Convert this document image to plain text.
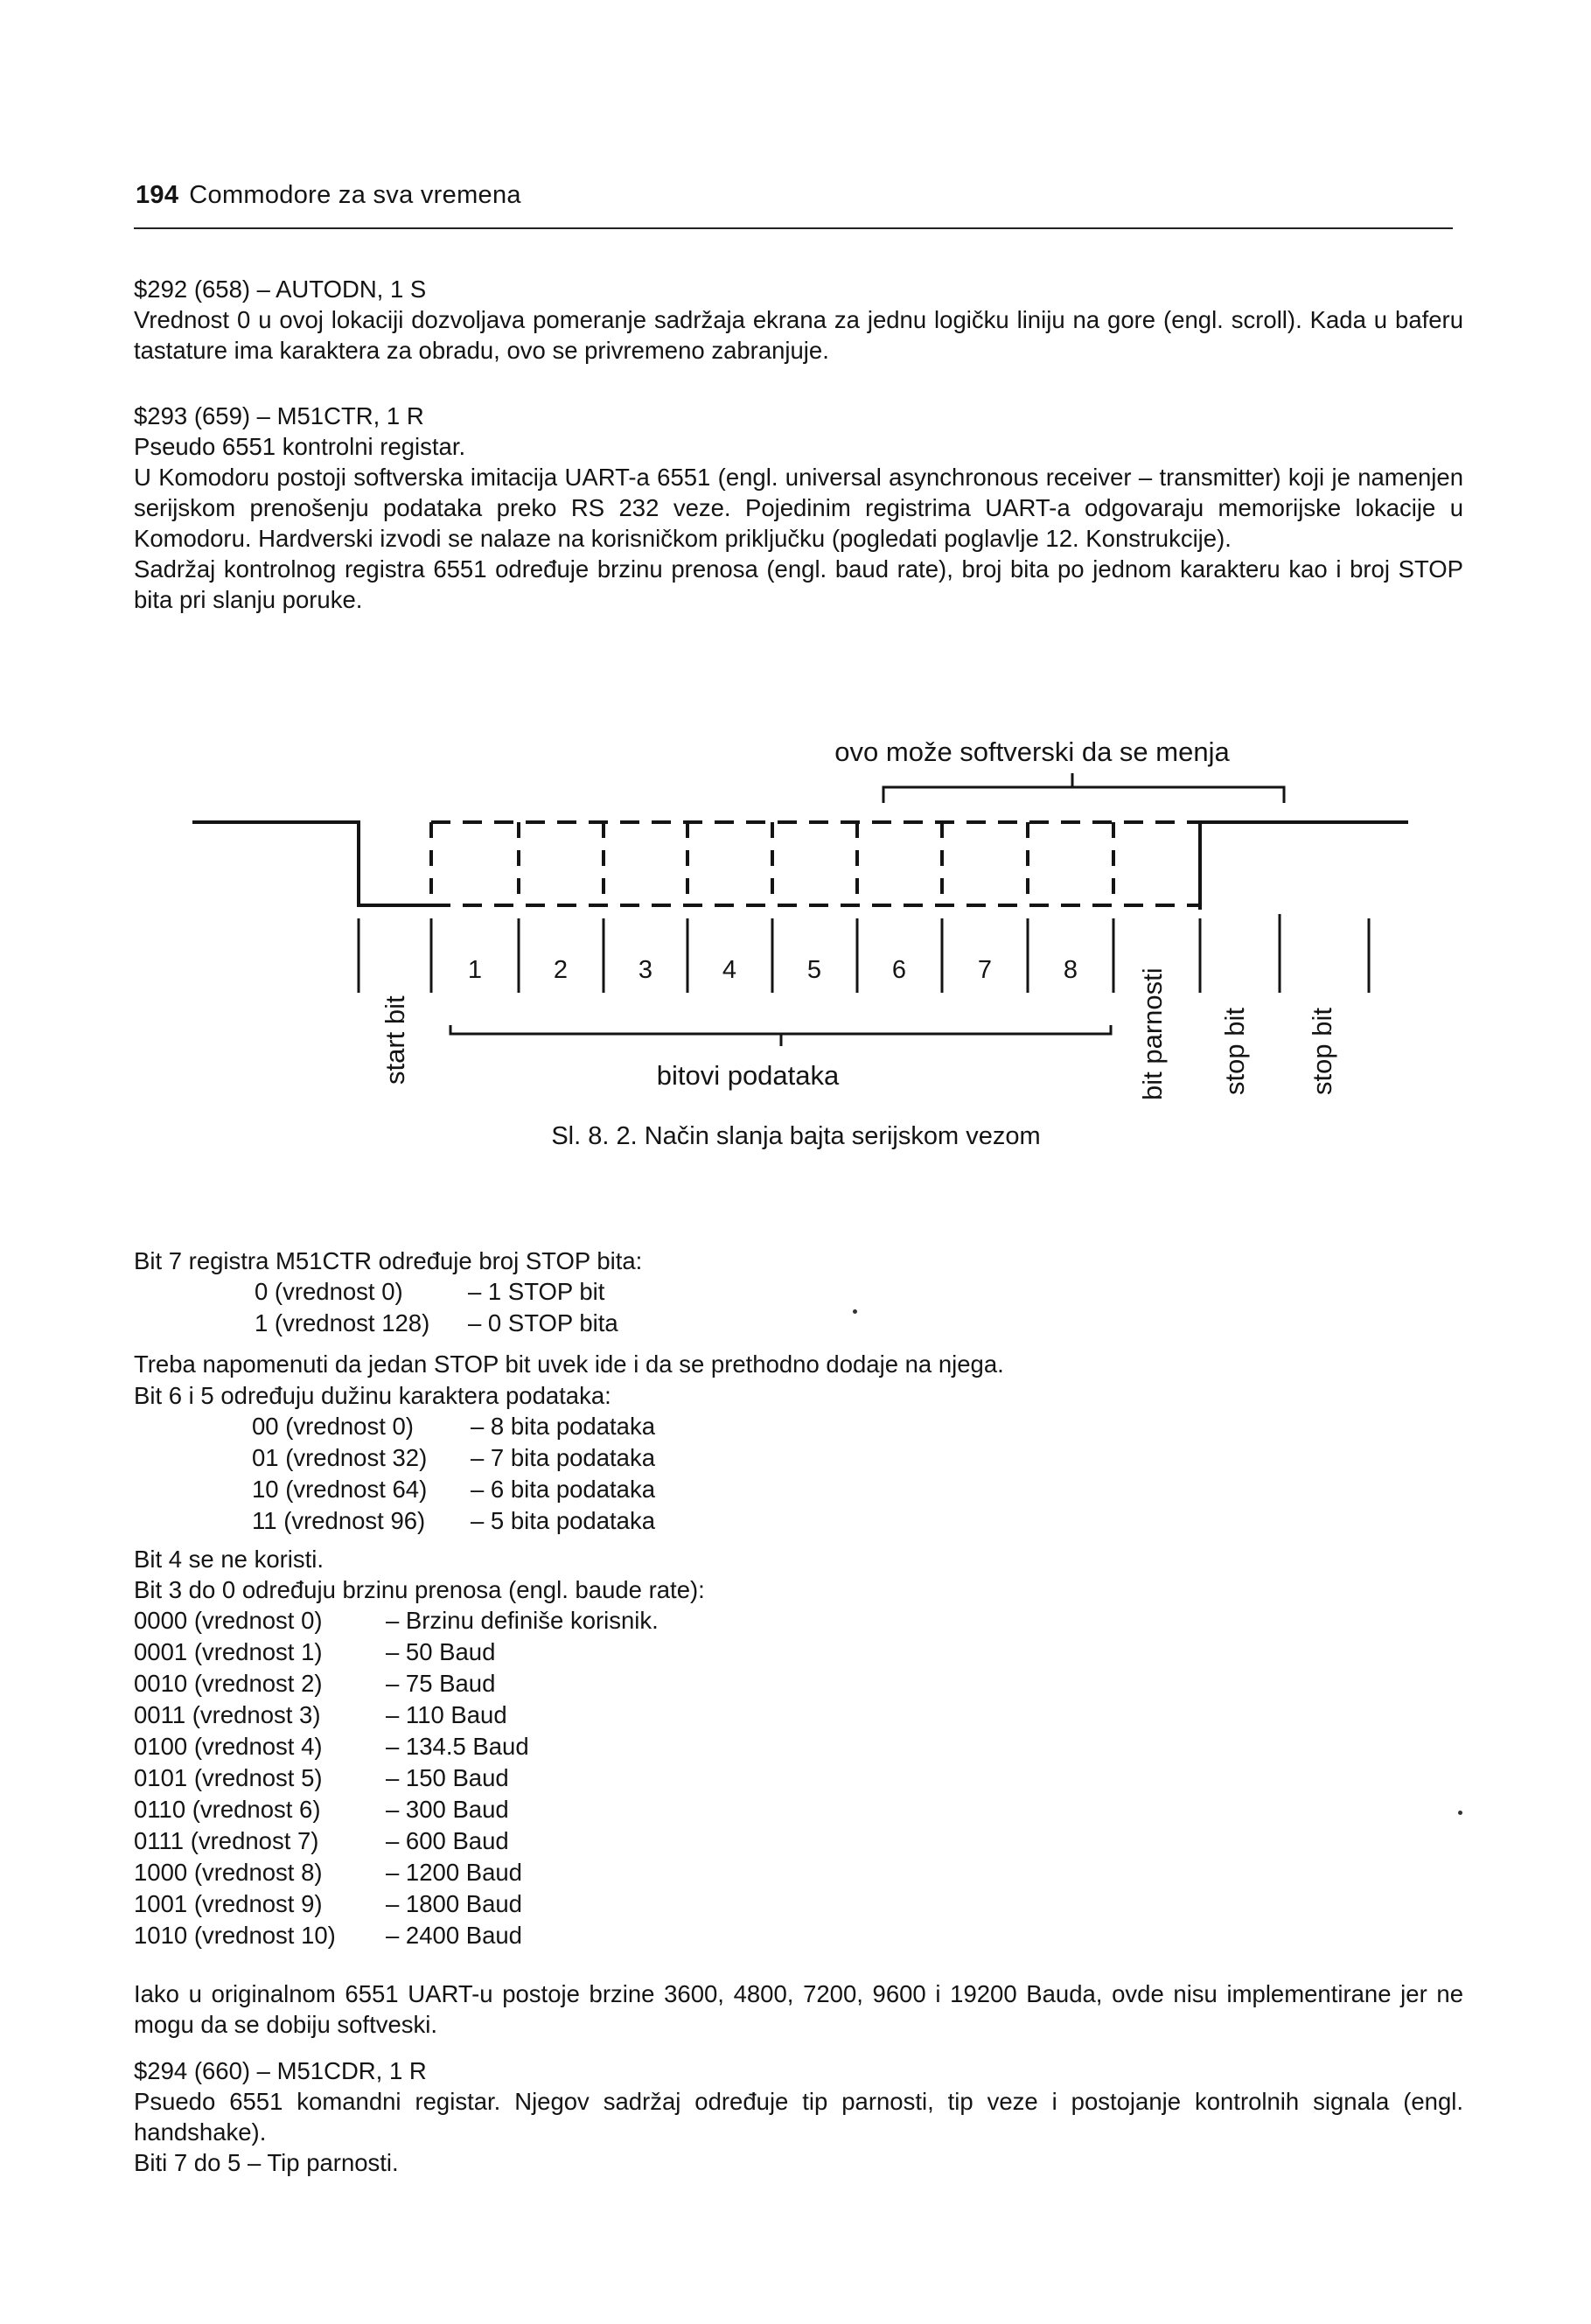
194 Commodore za sva vremena

$292 (658) – AUTODN, 1 S

Vrednost 0 u ovoj lokaciji dozvoljava pomeranje sadržaja ekrana za jednu logičku liniju na gore (engl. scroll). Kada u baferu tastature ima karaktera za obradu, ovo se privremeno zabranjuje.

$293 (659) – M51CTR, 1 R

Pseudo 6551 kontrolni registar.

U Komodoru postoji softverska imitacija UART-a 6551 (engl. universal asynchronous receiver – transmitter) koji je namenjen serijskom prenošenju podataka preko RS 232 veze. Pojedinim registrima UART-a odgovaraju memorijske lokacije u Komodoru. Hardverski izvodi se nalaze na korisničkom priključku (pogledati poglavlje 12. Konstrukcije).

Sadržaj kontrolnog registra 6551 određuje brzinu prenosa (engl. baud rate), broj bita po jednom karakteru kao i broj STOP bita pri slanju poruke.

ovo može softverski da se menja
1	2	3	4	5	6	7	8
bitovi podataka
start bit	bit parnosti stop bit stop bit
Sl. 8. 2. Način slanja bajta serijskom vezom

Bit 7 registra M51CTR određuje broj STOP bita:

0 (vrednost 0)	– 1 STOP bit
1 (vrednost 128)	– 0 STOP bita

Treba napomenuti da jedan STOP bit uvek ide i da se prethodno dodaje na njega.

Bit 6 i 5 određuju dužinu karaktera podataka:

00 (vrednost 0)	– 8 bita podataka
01 (vrednost 32)	– 7 bita podataka
10 (vrednost 64)	– 6 bita podataka
11 (vrednost 96)	– 5 bita podataka

Bit 4 se ne koristi.

Bit 3 do 0 određuju brzinu prenosa (engl. baude rate):

0000 (vrednost 0)	– Brzinu definiše korisnik.
0001 (vrednost 1)	– 50 Baud
0010 (vrednost 2)	– 75 Baud
0011 (vrednost 3)	– 110 Baud
0100 (vrednost 4)	– 134.5 Baud
0101 (vrednost 5)	– 150 Baud
0110 (vrednost 6)	– 300 Baud
0111 (vrednost 7)	– 600 Baud
1000 (vrednost 8)	– 1200 Baud
1001 (vrednost 9)	– 1800 Baud
1010 (vrednost 10)	– 2400 Baud

Iako u originalnom 6551 UART-u postoje brzine 3600, 4800, 7200, 9600 i 19200 Bauda, ovde nisu implementirane jer ne mogu da se dobiju softveski.

$294 (660) – M51CDR, 1 R

Psuedo 6551 komandni registar. Njegov sadržaj određuje tip parnosti, tip veze i postojanje kontrolnih signala (engl. handshake).

Biti 7 do 5 – Tip parnosti.
